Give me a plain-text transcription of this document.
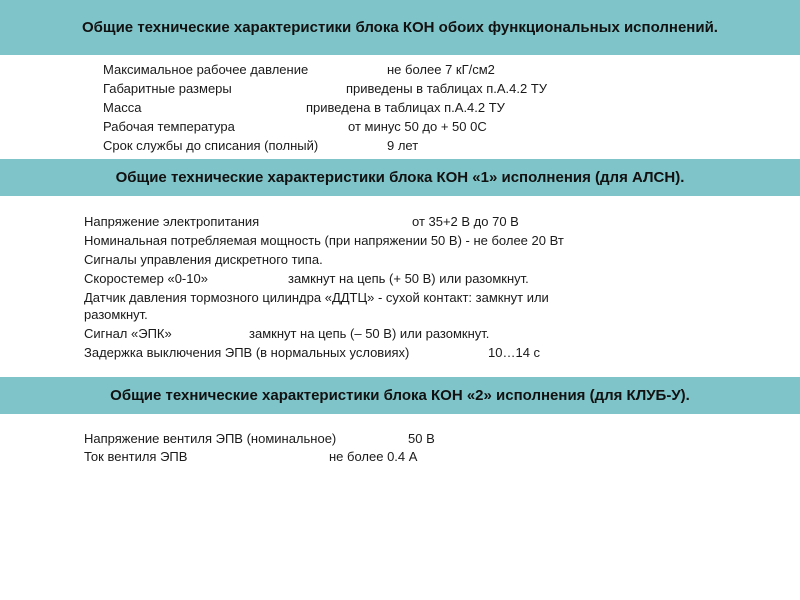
Общие технические характеристики блока КОН обоих функциональных исполнений.
Максимальное рабочее давление	не более 7 кГ/см2
Габаритные размеры	приведены в таблицах п.А.4.2 ТУ
Масса	приведена в таблицах п.А.4.2 ТУ
Рабочая температура	от минус 50 до + 50 0С
Срок службы до списания (полный)	9 лет
Общие технические характеристики блока КОН «1» исполнения (для АЛСН).
Напряжение электропитания	от 35+2 В до 70 В
Номинальная потребляемая мощность (при напряжении 50 В) - не более 20 Вт
Сигналы управления дискретного типа.
Скоростемер «0-10»	замкнут на цепь (+ 50 В) или разомкнут.
Датчик давления тормозного цилиндра «ДДТЦ» - сухой контакт: замкнут или
разомкнут.
Сигнал «ЭПК»	замкнут на цепь (– 50 В) или разомкнут.
Задержка выключения ЭПВ (в нормальных условиях)	10…14 с
Общие технические характеристики блока КОН «2» исполнения (для КЛУБ-У).
Напряжение вентиля ЭПВ (номинальное)	50 В
Ток вентиля ЭПВ	не более 0.4 А
